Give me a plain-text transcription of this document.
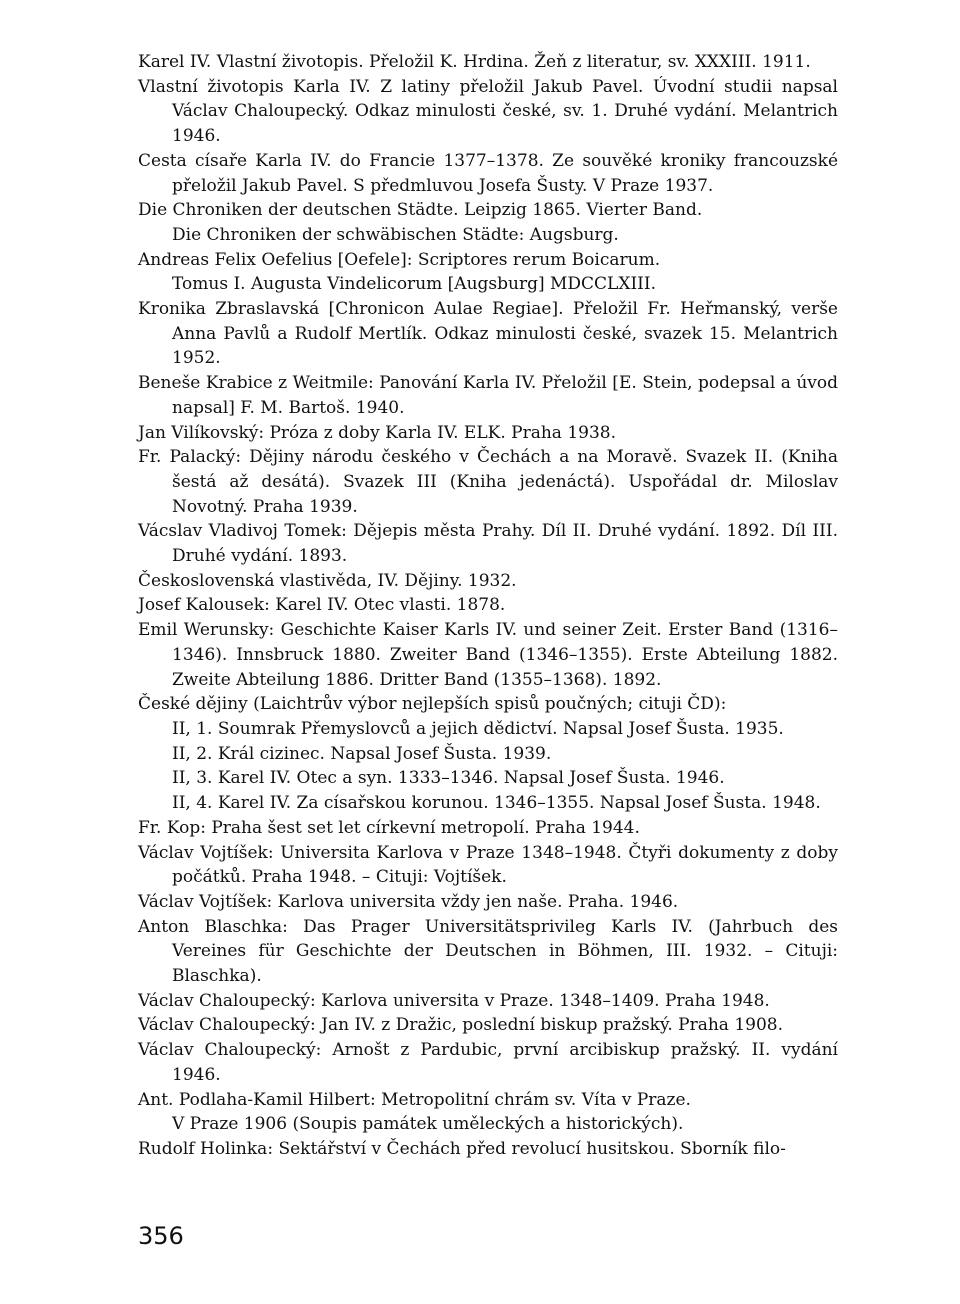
Karel IV. Vlastní životopis. Přeložil K. Hrdina. Žeň z literatur, sv. XXXIII. 1911.

Vlastní životopis Karla IV. Z latiny přeložil Jakub Pavel. Úvodní studii napsal Václav Chaloupecký. Odkaz minulosti české, sv. 1. Druhé vydání. Melantrich 1946.

Cesta císaře Karla IV. do Francie 1377–1378. Ze souvěké kroniky francouzské přeložil Jakub Pavel. S předmluvou Josefa Šusty. V Praze 1937.

Die Chroniken der deutschen Städte. Leipzig 1865. Vierter Band.

Die Chroniken der schwäbischen Städte: Augsburg.

Andreas Felix Oefelius [Oefele]: Scriptores rerum Boicarum.

Tomus I. Augusta Vindelicorum [Augsburg] MDCCLXIII.

Kronika Zbraslavská [Chronicon Aulae Regiae]. Přeložil Fr. Heřmanský, verše Anna Pavlů a Rudolf Mertlík. Odkaz minulosti české, svazek 15. Melantrich 1952.

Beneše Krabice z Weitmile: Panování Karla IV. Přeložil [E. Stein, podepsal a úvod napsal] F. M. Bartoš. 1940.

Jan Vilíkovský: Próza z doby Karla IV. ELK. Praha 1938.

Fr. Palacký: Dějiny národu českého v Čechách a na Moravě. Svazek II. (Kniha šestá až desátá). Svazek III (Kniha jedenáctá). Uspořádal dr. Miloslav Novotný. Praha 1939.

Vácslav Vladivoj Tomek: Dějepis města Prahy. Díl II. Druhé vydání. 1892. Díl III. Druhé vydání. 1893.

Československá vlastivěda, IV. Dějiny. 1932.

Josef Kalousek: Karel IV. Otec vlasti. 1878.

Emil Werunsky: Geschichte Kaiser Karls IV. und seiner Zeit. Erster Band (1316–1346). Innsbruck 1880. Zweiter Band (1346–1355). Erste Abteilung 1882. Zweite Abteilung 1886. Dritter Band (1355–1368). 1892.

České dějiny (Laichtrův výbor nejlepších spisů poučných; cituji ČD):

II, 1. Soumrak Přemyslovců a jejich dědictví. Napsal Josef Šusta. 1935.

II, 2. Král cizinec. Napsal Josef Šusta. 1939.

II, 3. Karel IV. Otec a syn. 1333–1346. Napsal Josef Šusta. 1946.

II, 4. Karel IV. Za císařskou korunou. 1346–1355. Napsal Josef Šusta. 1948.

Fr. Kop: Praha šest set let církevní metropolí. Praha 1944.

Václav Vojtíšek: Universita Karlova v Praze 1348–1948. Čtyři dokumenty z doby počátků. Praha 1948. – Cituji: Vojtíšek.

Václav Vojtíšek: Karlova universita vždy jen naše. Praha. 1946.

Anton Blaschka: Das Prager Universitätsprivileg Karls IV. (Jahrbuch des Vereines für Geschichte der Deutschen in Böhmen, III. 1932. – Cituji: Blaschka).

Václav Chaloupecký: Karlova universita v Praze. 1348–1409. Praha 1948.

Václav Chaloupecký: Jan IV. z Dražic, poslední biskup pražský. Praha 1908.

Václav Chaloupecký: Arnošt z Pardubic, první arcibiskup pražský. II. vydání 1946.

Ant. Podlaha-Kamil Hilbert: Metropolitní chrám sv. Víta v Praze.

V Praze 1906 (Soupis památek uměleckých a historických).

Rudolf Holinka: Sektářství v Čechách před revolucí husitskou. Sborník filo-

356
